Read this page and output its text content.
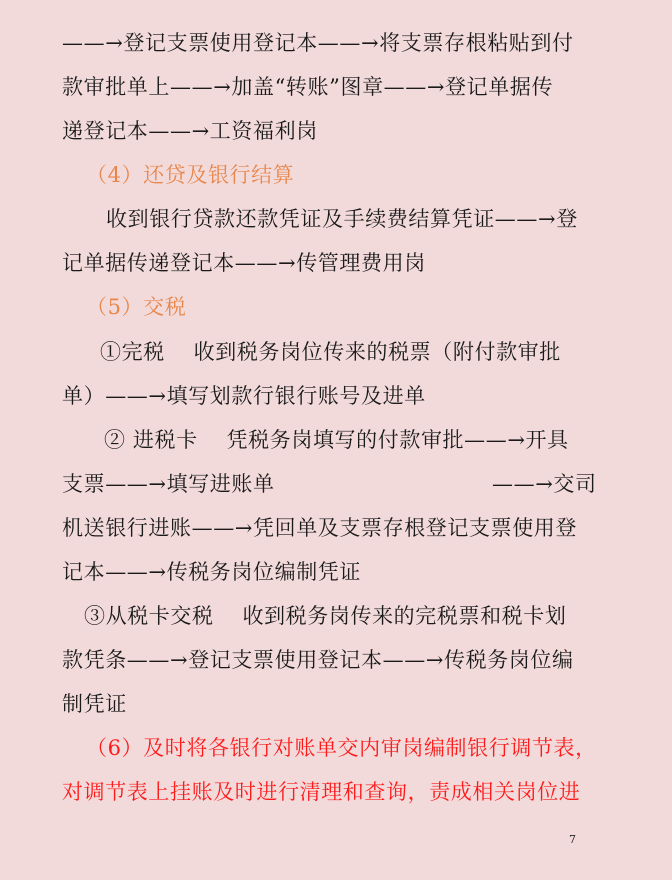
——→登记支票使用登记本——→将支票存根粘贴到付
款审批单上——→加盖“转账”图章——→登记单据传
递登记本——→工资福利岗
（4）还贷及银行结算
收到银行贷款还款凭证及手续费结算凭证——→登
记单据传递登记本——→传管理费用岗
（5）交税
①完税　 收到税务岗位传来的税票（附付款审批
单）——→填写划款行银行账号及进单
② 进税卡　 凭税务岗填写的付款审批——→开具
支票——→填写进账单	——→交司
机送银行进账——→凭回单及支票存根登记支票使用登
记本——→传税务岗位编制凭证
③从税卡交税　 收到税务岗传来的完税票和税卡划
款凭条——→登记支票使用登记本——→传税务岗位编
制凭证
（6）及时将各银行对账单交内审岗编制银行调节表，
对调节表上挂账及时进行清理和查询，责成相关岗位进
7
